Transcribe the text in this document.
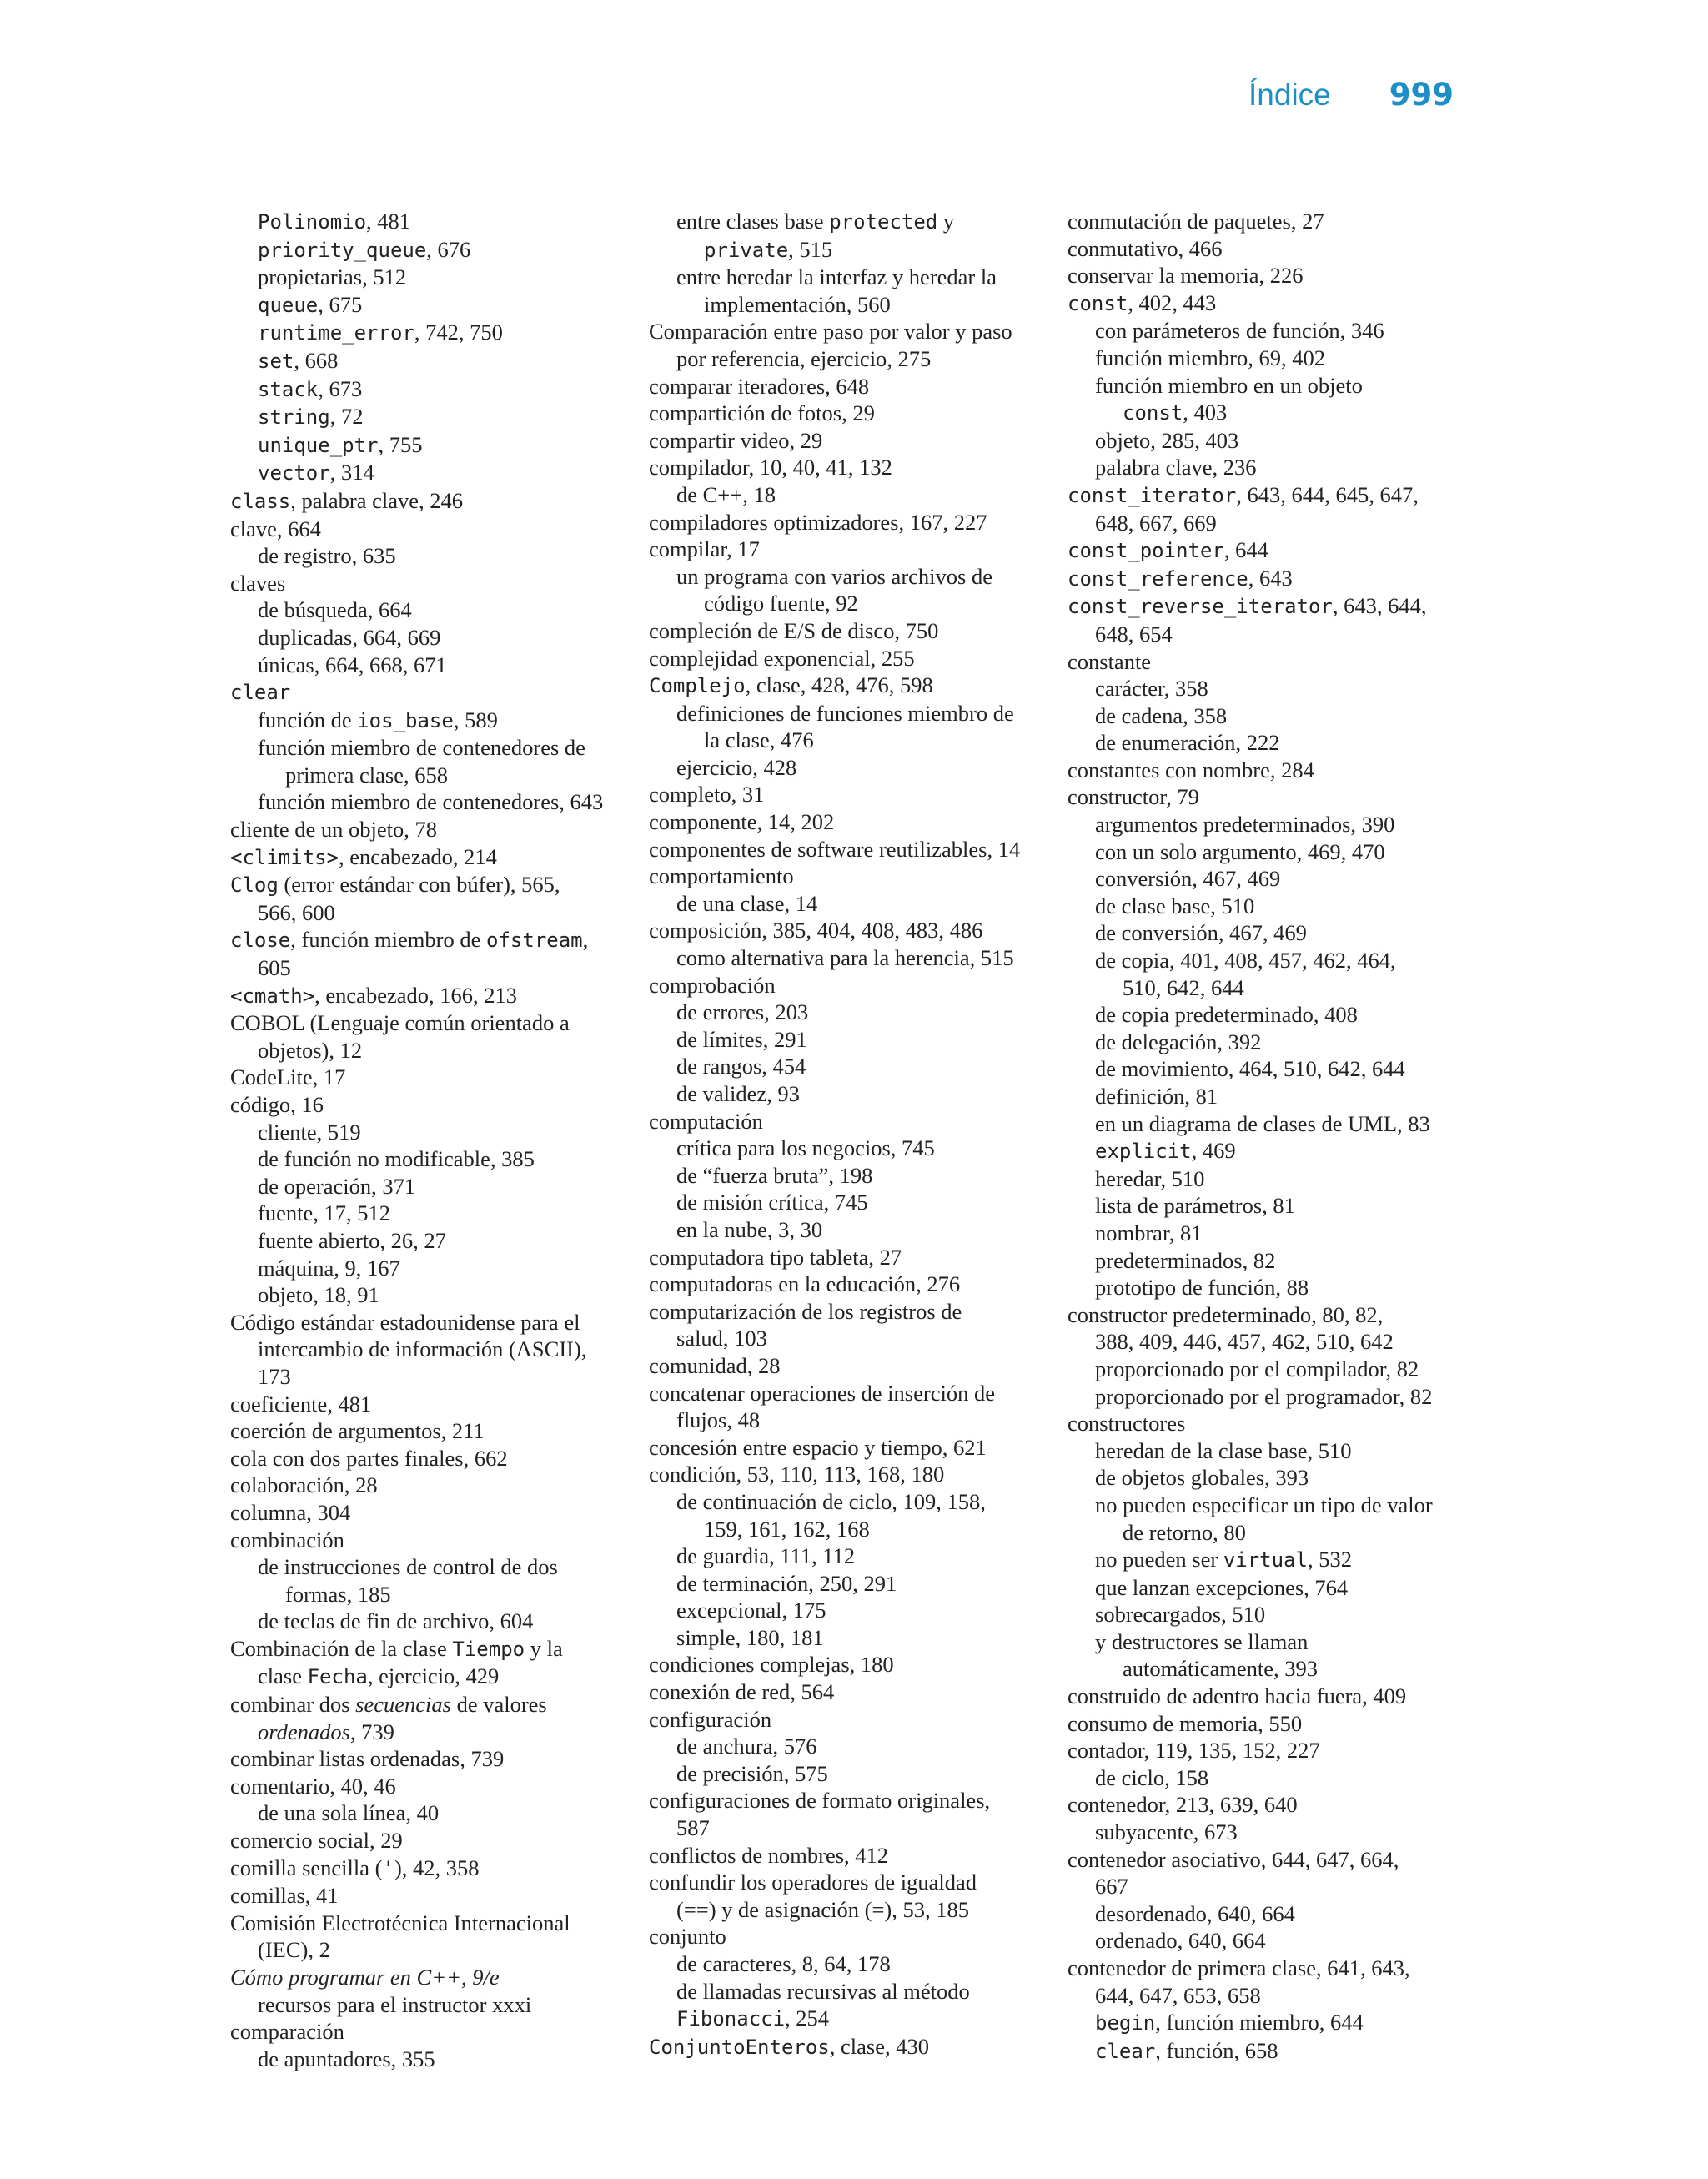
Índice 999
Polinomio, 481
priority_queue, 676
propietarias, 512
queue, 675
runtime_error, 742, 750
set, 668
stack, 673
string, 72
unique_ptr, 755
vector, 314
class, palabra clave, 246
clave, 664
de registro, 635
claves
de búsqueda, 664
duplicadas, 664, 669
únicas, 664, 668, 671
clear
función de ios_base, 589
función miembro de contenedores de
primera clase, 658
función miembro de contenedores, 643
cliente de un objeto, 78
<climits>, encabezado, 214
Clog (error estándar con búfer), 565,
566, 600
close, función miembro de ofstream,
605
<cmath>, encabezado, 166, 213
COBOL (Lenguaje común orientado a
objetos), 12
CodeLite, 17
código, 16
cliente, 519
de función no modificable, 385
de operación, 371
fuente, 17, 512
fuente abierto, 26, 27
máquina, 9, 167
objeto, 18, 91
Código estándar estadounidense para el
intercambio de información (ASCII),
173
coeficiente, 481
coerción de argumentos, 211
cola con dos partes finales, 662
colaboración, 28
columna, 304
combinación
de instrucciones de control de dos
formas, 185
de teclas de fin de archivo, 604
Combinación de la clase Tiempo y la
clase Fecha, ejercicio, 429
combinar dos secuencias de valores
ordenados, 739
combinar listas ordenadas, 739
comentario, 40, 46
de una sola línea, 40
comercio social, 29
comilla sencilla ('), 42, 358
comillas, 41
Comisión Electrotécnica Internacional
(IEC), 2
Cómo programar en C++, 9/e
recursos para el instructor xxxi
comparación
de apuntadores, 355
entre clases base protected y
private, 515
entre heredar la interfaz y heredar la
implementación, 560
Comparación entre paso por valor y paso
por referencia, ejercicio, 275
comparar iteradores, 648
compartición de fotos, 29
compartir video, 29
compilador, 10, 40, 41, 132
de C++, 18
compiladores optimizadores, 167, 227
compilar, 17
un programa con varios archivos de
código fuente, 92
compleción de E/S de disco, 750
complejidad exponencial, 255
Complejo, clase, 428, 476, 598
definiciones de funciones miembro de
la clase, 476
ejercicio, 428
completo, 31
componente, 14, 202
componentes de software reutilizables, 14
comportamiento
de una clase, 14
composición, 385, 404, 408, 483, 486
como alternativa para la herencia, 515
comprobación
de errores, 203
de límites, 291
de rangos, 454
de validez, 93
computación
crítica para los negocios, 745
de “fuerza bruta”, 198
de misión crítica, 745
en la nube, 3, 30
computadora tipo tableta, 27
computadoras en la educación, 276
computarización de los registros de
salud, 103
comunidad, 28
concatenar operaciones de inserción de
flujos, 48
concesión entre espacio y tiempo, 621
condición, 53, 110, 113, 168, 180
de continuación de ciclo, 109, 158,
159, 161, 162, 168
de guardia, 111, 112
de terminación, 250, 291
excepcional, 175
simple, 180, 181
condiciones complejas, 180
conexión de red, 564
configuración
de anchura, 576
de precisión, 575
configuraciones de formato originales,
587
conflictos de nombres, 412
confundir los operadores de igualdad
(==) y de asignación (=), 53, 185
conjunto
de caracteres, 8, 64, 178
de llamadas recursivas al método
Fibonacci, 254
ConjuntoEnteros, clase, 430
conmutación de paquetes, 27
conmutativo, 466
conservar la memoria, 226
const, 402, 443
con parámeteros de función, 346
función miembro, 69, 402
función miembro en un objeto
const, 403
objeto, 285, 403
palabra clave, 236
const_iterator, 643, 644, 645, 647,
648, 667, 669
const_pointer, 644
const_reference, 643
const_reverse_iterator, 643, 644,
648, 654
constante
carácter, 358
de cadena, 358
de enumeración, 222
constantes con nombre, 284
constructor, 79
argumentos predeterminados, 390
con un solo argumento, 469, 470
conversión, 467, 469
de clase base, 510
de conversión, 467, 469
de copia, 401, 408, 457, 462, 464,
510, 642, 644
de copia predeterminado, 408
de delegación, 392
de movimiento, 464, 510, 642, 644
definición, 81
en un diagrama de clases de UML, 83
explicit, 469
heredar, 510
lista de parámetros, 81
nombrar, 81
predeterminados, 82
prototipo de función, 88
constructor predeterminado, 80, 82,
388, 409, 446, 457, 462, 510, 642
proporcionado por el compilador, 82
proporcionado por el programador, 82
constructores
heredan de la clase base, 510
de objetos globales, 393
no pueden especificar un tipo de valor
de retorno, 80
no pueden ser virtual, 532
que lanzan excepciones, 764
sobrecargados, 510
y destructores se llaman
automáticamente, 393
construido de adentro hacia fuera, 409
consumo de memoria, 550
contador, 119, 135, 152, 227
de ciclo, 158
contenedor, 213, 639, 640
subyacente, 673
contenedor asociativo, 644, 647, 664,
667
desordenado, 640, 664
ordenado, 640, 664
contenedor de primera clase, 641, 643,
644, 647, 653, 658
begin, función miembro, 644
clear, función, 658
